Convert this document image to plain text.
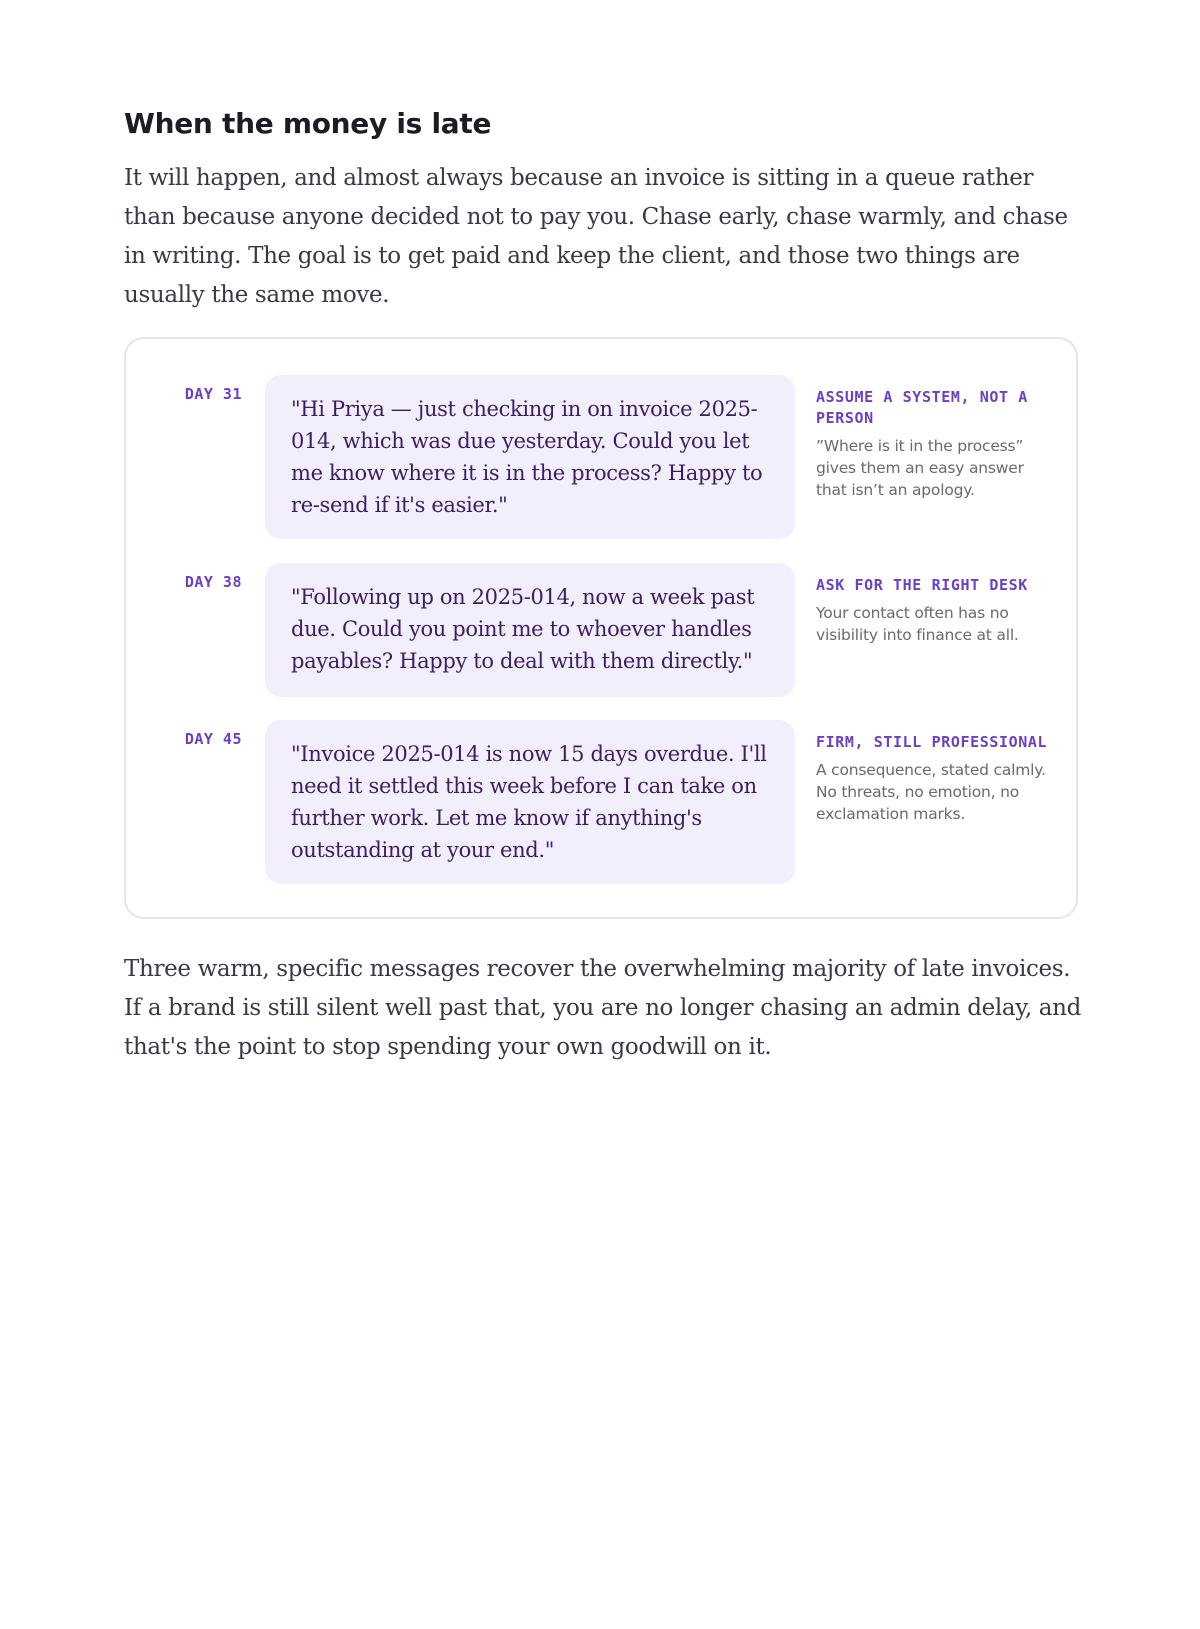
When the money is late

It will happen, and almost always because an invoice is sitting in a queue rather than because anyone decided not to pay you. Chase early, chase warmly, and chase in writing. The goal is to get paid and keep the client, and those two things are usually the same move.

DAY 31
"Hi Priya — just checking in on invoice 2025-014, which was due yesterday. Could you let me know where it is in the process? Happy to re-send if it's easier."
ASSUME A SYSTEM, NOT A PERSON
”Where is it in the process” gives them an easy answer that isn’t an apology.
DAY 38
"Following up on 2025-014, now a week past due. Could you point me to whoever handles payables? Happy to deal with them directly."
ASK FOR THE RIGHT DESK
Your contact often has no visibility into finance at all.
DAY 45
"Invoice 2025-014 is now 15 days overdue. I'll need it settled this week before I can take on further work. Let me know if anything's outstanding at your end."
FIRM, STILL PROFESSIONAL
A consequence, stated calmly. No threats, no emotion, no exclamation marks.

Three warm, specific messages recover the overwhelming majority of late invoices. If a brand is still silent well past that, you are no longer chasing an admin delay, and that's the point to stop spending your own goodwill on it.
